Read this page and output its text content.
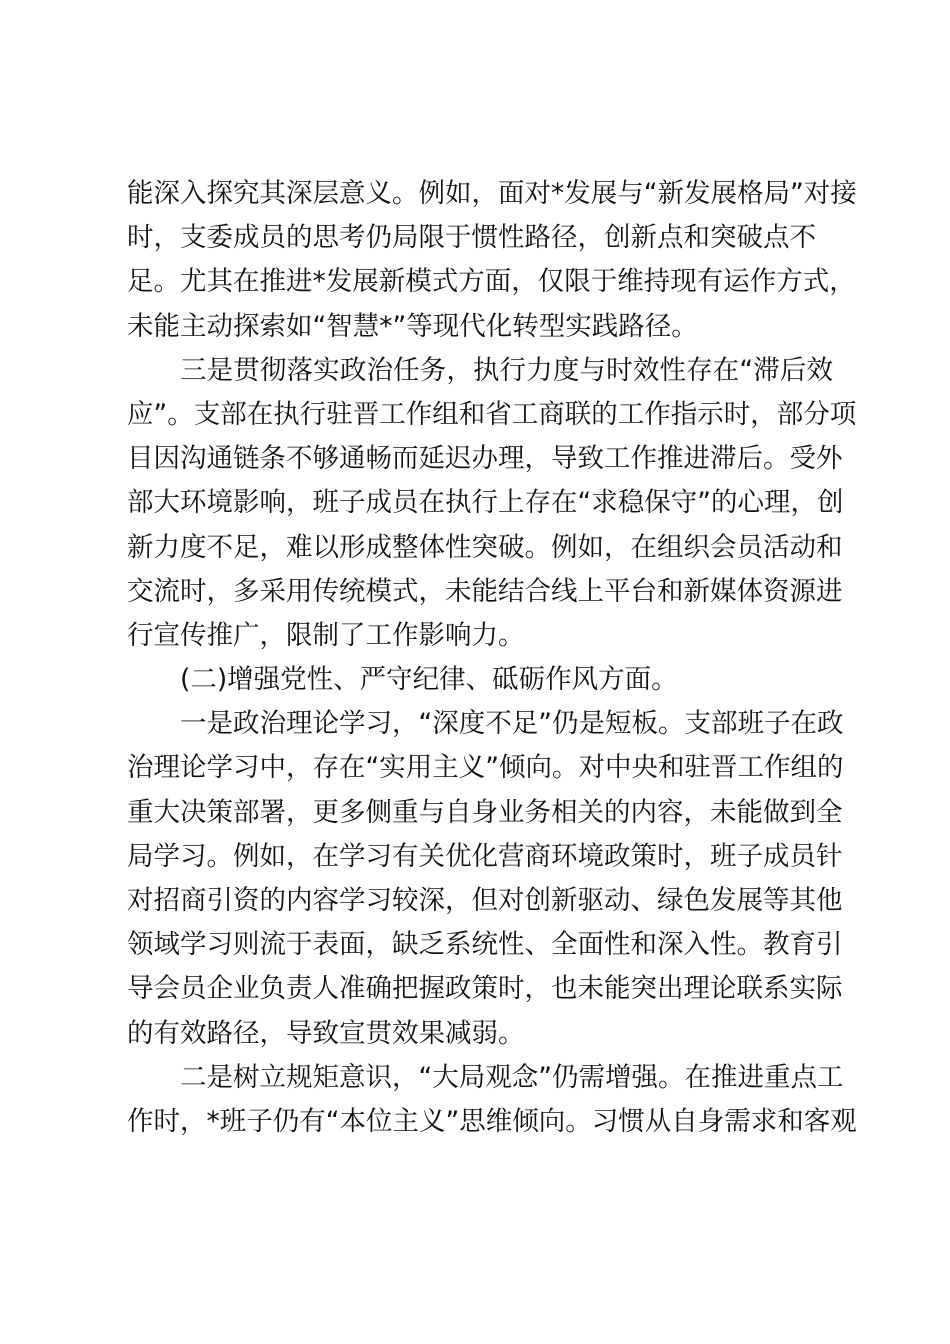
能深入探究其深层意义。例如，面对*发展与“新发展格局”对接
时，支委成员的思考仍局限于惯性路径，创新点和突破点不
足。尤其在推进*发展新模式方面，仅限于维持现有运作方式，
未能主动探索如“智慧*”等现代化转型实践路径。
三是贯彻落实政治任务，执行力度与时效性存在“滞后效
应”。支部在执行驻晋工作组和省工商联的工作指示时，部分项
目因沟通链条不够通畅而延迟办理，导致工作推进滞后。受外
部大环境影响，班子成员在执行上存在“求稳保守”的心理，创
新力度不足，难以形成整体性突破。例如，在组织会员活动和
交流时，多采用传统模式，未能结合线上平台和新媒体资源进
行宣传推广，限制了工作影响力。
(二)增强党性、严守纪律、砥砺作风方面。
一是政治理论学习，“深度不足”仍是短板。支部班子在政
治理论学习中，存在“实用主义”倾向。对中央和驻晋工作组的
重大决策部署，更多侧重与自身业务相关的内容，未能做到全
局学习。例如，在学习有关优化营商环境政策时，班子成员针
对招商引资的内容学习较深，但对创新驱动、绿色发展等其他
领域学习则流于表面，缺乏系统性、全面性和深入性。教育引
导会员企业负责人准确把握政策时，也未能突出理论联系实际
的有效路径，导致宣贯效果减弱。
二是树立规矩意识，“大局观念”仍需增强。在推进重点工
作时，*班子仍有“本位主义”思维倾向。习惯从自身需求和客观
